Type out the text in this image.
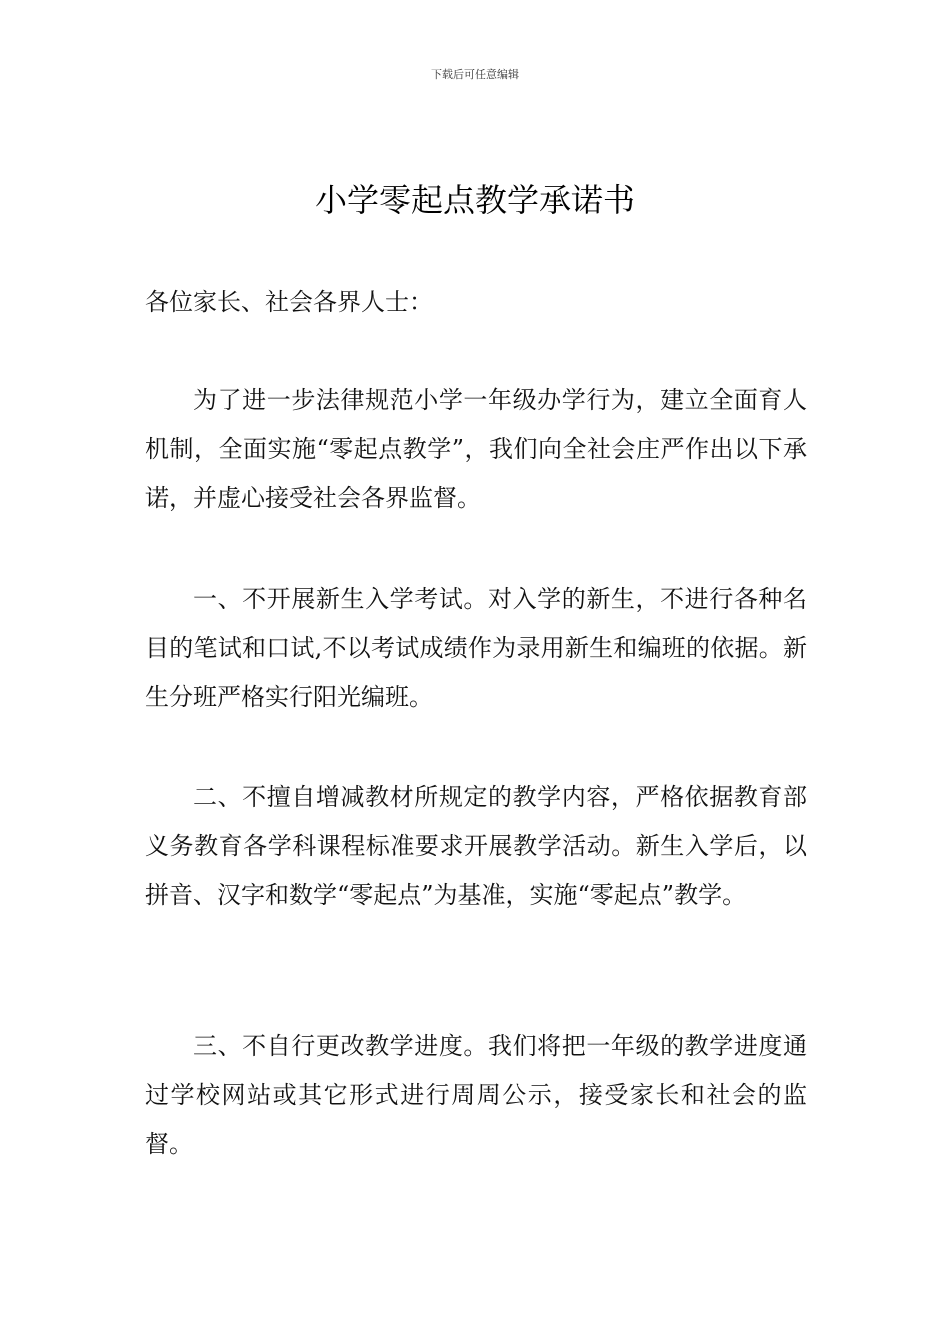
下载后可任意编辑
小学零起点教学承诺书

各位家长、社会各界人士：

为了进一步法律规范小学一年级办学行为，建立全面育人机制，全面实施“零起点教学”，我们向全社会庄严作出以下承诺，并虚心接受社会各界监督。

一、不开展新生入学考试。对入学的新生，不进行各种名目的笔试和口试,不以考试成绩作为录用新生和编班的依据。新生分班严格实行阳光编班。

二、不擅自增减教材所规定的教学内容，严格依据教育部义务教育各学科课程标准要求开展教学活动。新生入学后，以拼音、汉字和数学“零起点”为基准，实施“零起点”教学。

三、不自行更改教学进度。我们将把一年级的教学进度通过学校网站或其它形式进行周周公示，接受家长和社会的监督。
